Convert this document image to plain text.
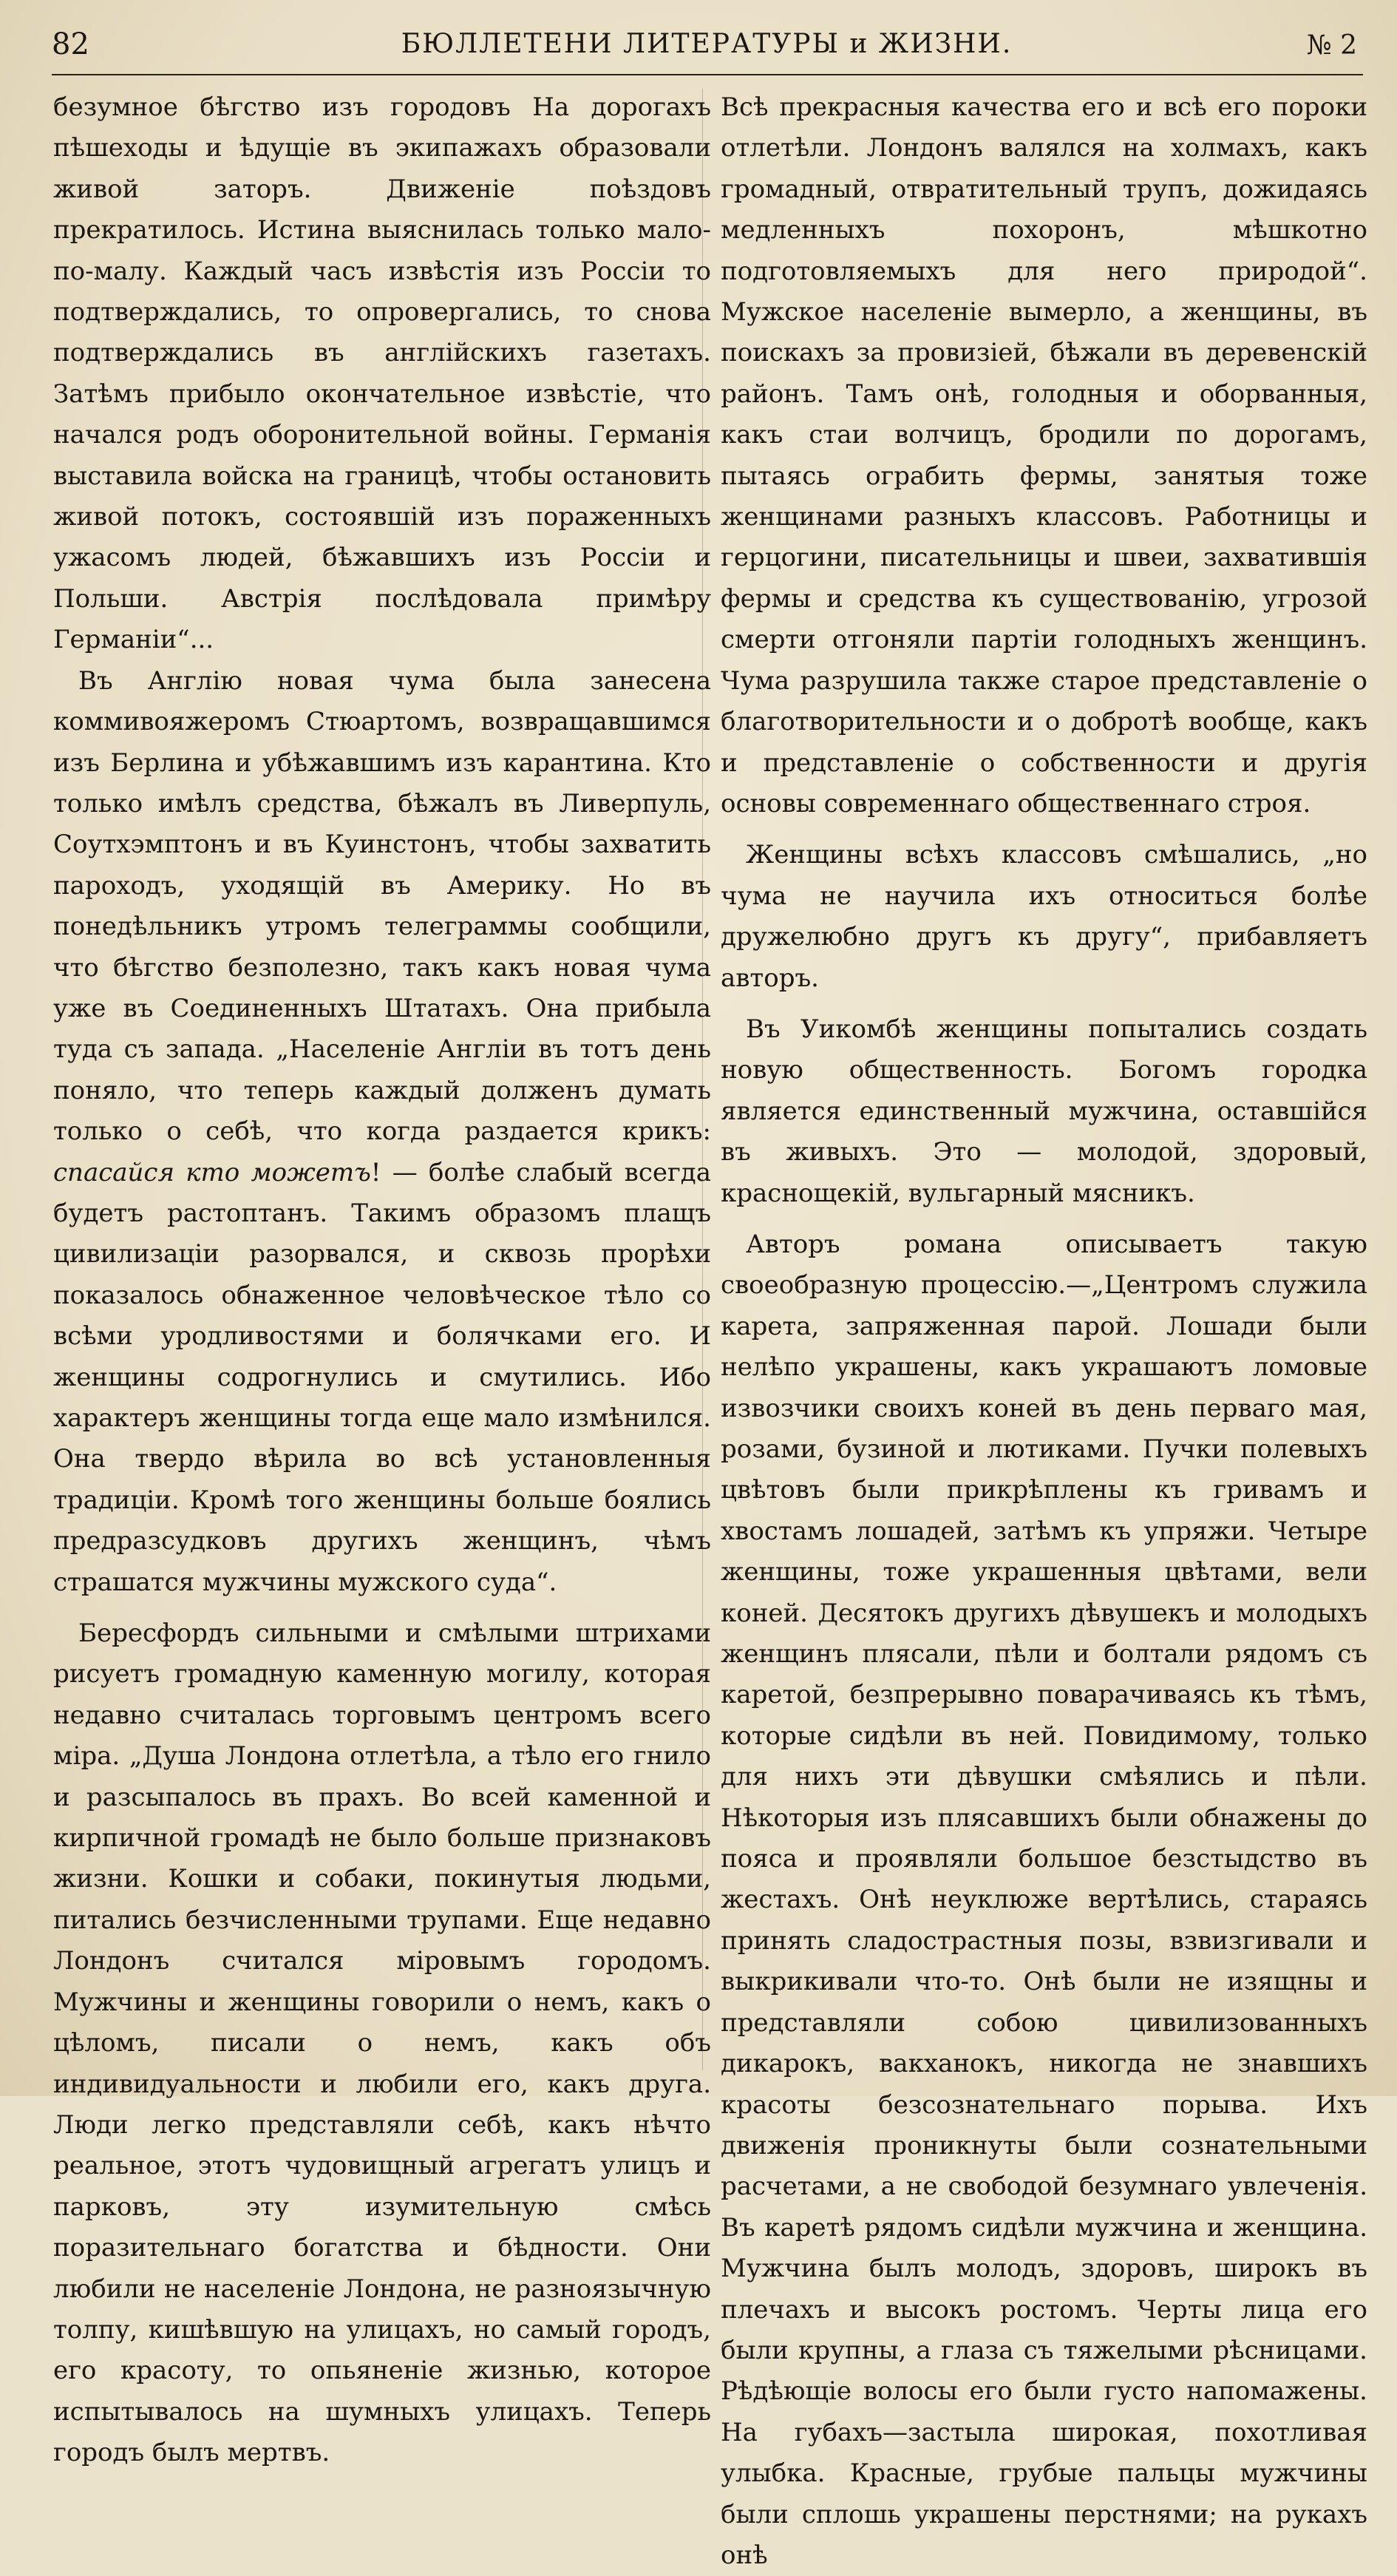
82	БЮЛЛЕТЕНИ ЛИТЕРАТУРЫ и ЖИЗНИ.	№ 2

безумное бѣгство изъ городовъ На дорогахъ пѣшеходы и ѣдущіе въ экипажахъ образовали живой заторъ. Движеніе поѣздовъ прекратилось. Истина выяснилась только мало-по-малу. Каждый часъ извѣстія изъ Россіи то подтверждались, то опровергались, то снова подтверждались въ англійскихъ газетахъ. Затѣмъ прибыло окончательное извѣстіе, что начался родъ оборонительной войны. Германія выставила войска на границѣ, чтобы остановить живой потокъ, состоявшій изъ пораженныхъ ужасомъ людей, бѣжавшихъ изъ Россіи и Польши. Австрія послѣдовала примѣру Германіи“...

Въ Англію новая чума была занесена коммивояжеромъ Стюартомъ, возвращавшимся изъ Берлина и убѣжавшимъ изъ карантина. Кто только имѣлъ средства, бѣжалъ въ Ливерпуль, Соутхэмптонъ и въ Куинстонъ, чтобы захватить пароходъ, уходящій въ Америку. Но въ понедѣльникъ утромъ телеграммы сообщили, что бѣгство безполезно, такъ какъ новая чума уже въ Соединенныхъ Штатахъ. Она прибыла туда съ запада. „Населеніе Англіи въ тотъ день поняло, что теперь каждый долженъ думать только о себѣ, что когда раздается крикъ: спасайся кто можетъ! — болѣе слабый всегда будетъ растоптанъ. Такимъ образомъ плащъ цивилизаціи разорвался, и сквозь прорѣхи показалось обнаженное человѣческое тѣло со всѣми уродливостями и болячками его. И женщины содрогнулись и смутились. Ибо характеръ женщины тогда еще мало измѣнился. Она твердо вѣрила во всѣ установленныя традиціи. Кромѣ того женщины больше боялись предразсудковъ другихъ женщинъ, чѣмъ страшатся мужчины мужского суда“.

Бересфордъ сильными и смѣлыми штрихами рисуетъ громадную каменную могилу, которая недавно считалась торговымъ центромъ всего міра. „Душа Лондона отлетѣла, а тѣло его гнило и разсыпалось въ прахъ. Во всей каменной и кирпичной громадѣ не было больше признаковъ жизни. Кошки и собаки, покинутыя людьми, питались безчисленными трупами. Еще недавно Лондонъ считался міровымъ городомъ. Мужчины и женщины говорили о немъ, какъ о цѣломъ, писали о немъ, какъ объ индивидуальности и любили его, какъ друга. Люди легко представляли себѣ, какъ нѣчто реальное, этотъ чудовищный агрегатъ улицъ и парковъ, эту изумительную смѣсь поразительнаго богатства и бѣдности. Они любили не населеніе Лондона, не разноязычную толпу, кишѣвшую на улицахъ, но самый городъ, его красоту, то опьяненіе жизнью, которое испытывалось на шумныхъ улицахъ. Теперь городъ былъ мертвъ.

Всѣ прекрасныя качества его и всѣ его пороки отлетѣли. Лондонъ валялся на холмахъ, какъ громадный, отвратительный трупъ, дожидаясь медленныхъ похоронъ, мѣшкотно подготовляемыхъ для него природой“. Мужское населеніе вымерло, а женщины, въ поискахъ за провизіей, бѣжали въ деревенскій районъ. Тамъ онѣ, голодныя и оборванныя, какъ стаи волчицъ, бродили по дорогамъ, пытаясь ограбить фермы, занятыя тоже женщинами разныхъ классовъ. Работницы и герцогини, писательницы и швеи, захватившія фермы и средства къ существованію, угрозой смерти отгоняли партіи голодныхъ женщинъ. Чума разрушила также старое представленіе о благотворительности и о добротѣ вообще, какъ и представленіе о собственности и другія основы современнаго общественнаго строя.

Женщины всѣхъ классовъ смѣшались, „но чума не научила ихъ относиться болѣе дружелюбно другъ къ другу“, прибавляетъ авторъ.

Въ Уикомбѣ женщины попытались создать новую общественность. Богомъ городка является единственный мужчина, оставшійся въ живыхъ. Это — молодой, здоровый, краснощекій, вульгарный мясникъ.

Авторъ романа описываетъ такую своеобразную процессію.—„Центромъ служила карета, запряженная парой. Лошади были нелѣпо украшены, какъ украшаютъ ломовые извозчики своихъ коней въ день перваго мая, розами, бузиной и лютиками. Пучки полевыхъ цвѣтовъ были прикрѣплены къ гривамъ и хвостамъ лошадей, затѣмъ къ упряжи. Четыре женщины, тоже украшенныя цвѣтами, вели коней. Десятокъ другихъ дѣвушекъ и молодыхъ женщинъ плясали, пѣли и болтали рядомъ съ каретой, безпрерывно поварачиваясь къ тѣмъ, которые сидѣли въ ней. Повидимому, только для нихъ эти дѣвушки смѣялись и пѣли. Нѣкоторыя изъ плясавшихъ были обнажены до пояса и проявляли большое безстыдство въ жестахъ. Онѣ неуклюже вертѣлись, стараясь принять сладострастныя позы, взвизгивали и выкрикивали что-то. Онѣ были не изящны и представляли собою цивилизованныхъ дикарокъ, вакханокъ, никогда не знавшихъ красоты безсознательнаго порыва. Ихъ движенія проникнуты были сознательными расчетами, а не свободой безумнаго увлеченія. Въ каретѣ рядомъ сидѣли мужчина и женщина. Мужчина былъ молодъ, здоровъ, широкъ въ плечахъ и высокъ ростомъ. Черты лица его были крупны, а глаза съ тяжелыми рѣсницами. Рѣдѣющіе волосы его были густо напомажены. На губахъ—застыла широкая, похотливая улыбка. Красные, грубые пальцы мужчины были сплошь украшены перстнями; на рукахъ онѣ
